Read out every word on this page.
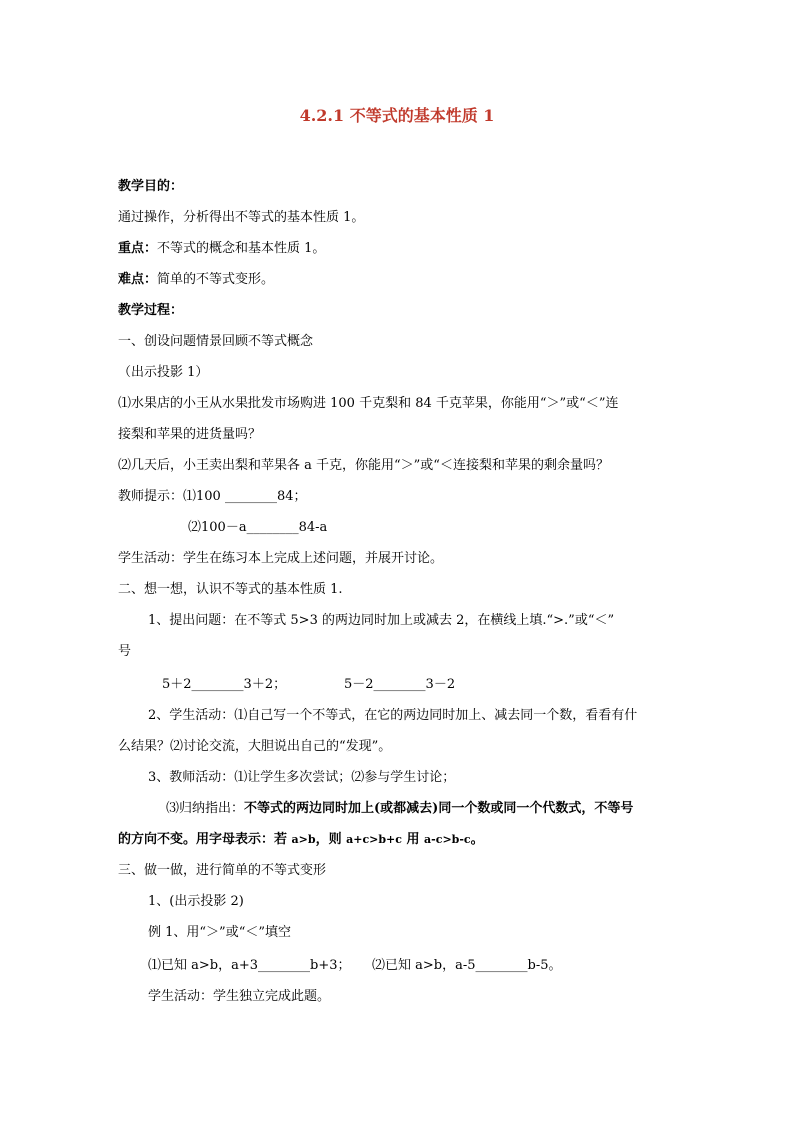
4.2.1 不等式的基本性质 1
教学目的：
通过操作，分析得出不等式的基本性质 1。
重点：不等式的概念和基本性质 1。
难点：简单的不等式变形。
教学过程：
一、创设问题情景回顾不等式概念
（出示投影 1）
⑴水果店的小王从水果批发市场购进 100 千克梨和 84 千克苹果，你能用“＞”或“＜”连
接梨和苹果的进货量吗？
⑵几天后，小王卖出梨和苹果各 a 千克，你能用“＞”或“＜连接梨和苹果的剩余量吗？
教师提示：⑴100 ________84；
⑵100－a________84-a
学生活动：学生在练习本上完成上述问题，并展开讨论。
二、想一想，认识不等式的基本性质 1.
1、提出问题：在不等式 5>3 的两边同时加上或减去 2，在横线上填.“>.”或“＜”
号
5＋2________3＋2；	5－2________3－2
2、学生活动：⑴自己写一个不等式，在它的两边同时加上、减去同一个数，看看有什
么结果？⑵讨论交流，大胆说出自己的“发现”。
3、教师活动：⑴让学生多次尝试；⑵参与学生讨论；
⑶归纳指出：不等式的两边同时加上(或都减去)同一个数或同一个代数式，不等号
的方向不变。用字母表示：若 a>b，则 a+c>b+c 用 a-c>b-c。
三、做一做，进行简单的不等式变形
1、(出示投影 2)
例 1、用“＞”或“＜”填空
⑴已知 a>b，a+3________b+3； ⑵已知 a>b，a-5________b-5。
学生活动：学生独立完成此题。
